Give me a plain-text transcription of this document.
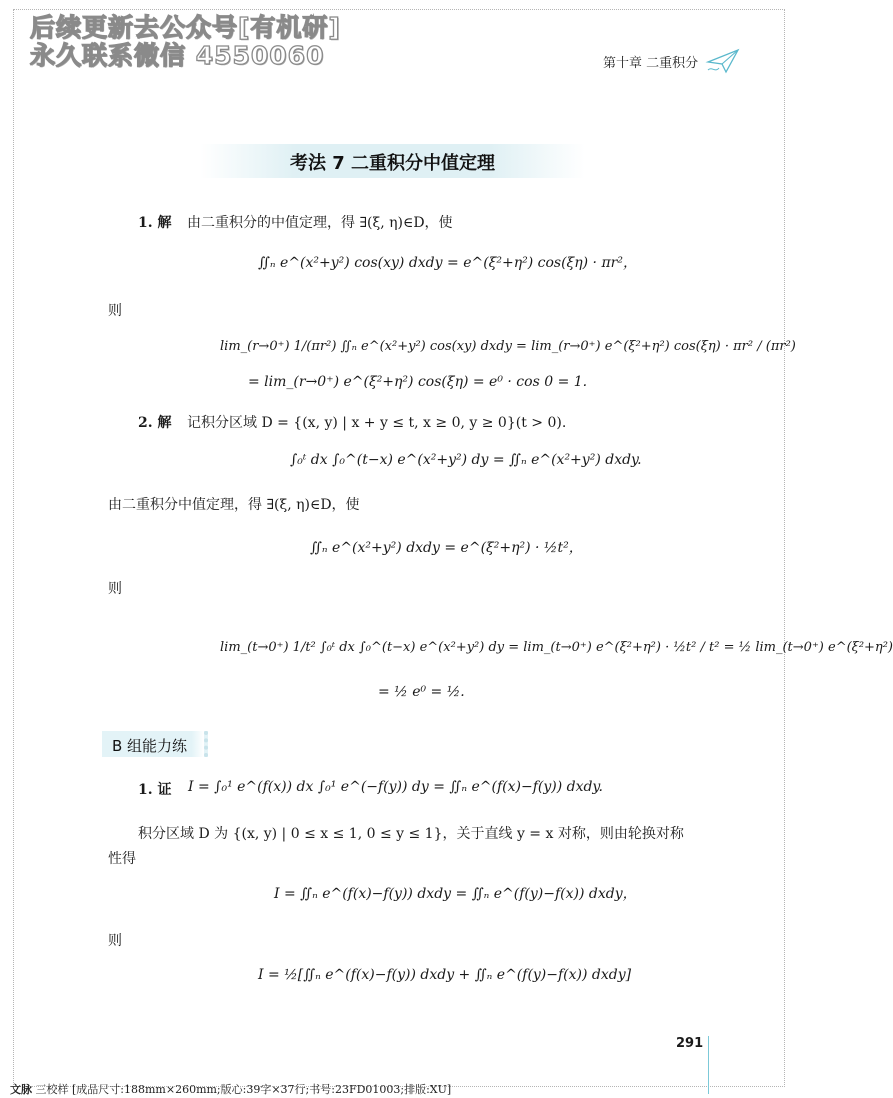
后续更新去公众号[有机研]
永久联系微信 4550060	第十章 二重积分
考法 7 二重积分中值定理
1. 解 由二重积分的中值定理，得 ∃(ξ, η)∈D，使
∬ₙ e^(x²+y²) cos(xy) dxdy = e^(ξ²+η²) cos(ξη) · πr²，
则
lim_(r→0⁺) 1/(πr²) ∬ₙ e^(x²+y²) cos(xy) dxdy = lim_(r→0⁺) e^(ξ²+η²) cos(ξη) · πr² / (πr²)
= lim_(r→0⁺) e^(ξ²+η²) cos(ξη) = e⁰ · cos 0 = 1.
2. 解 记积分区域 D = {(x, y) | x + y ≤ t, x ≥ 0, y ≥ 0}(t > 0).
∫₀ᵗ dx ∫₀^(t−x) e^(x²+y²) dy = ∬ₙ e^(x²+y²) dxdy.
由二重积分中值定理，得 ∃(ξ, η)∈D，使
∬ₙ e^(x²+y²) dxdy = e^(ξ²+η²) · ½t²，
则
lim_(t→0⁺) 1/t² ∫₀ᵗ dx ∫₀^(t−x) e^(x²+y²) dy = lim_(t→0⁺) e^(ξ²+η²) · ½t² / t² = ½ lim_(t→0⁺) e^(ξ²+η²)
= ½ e⁰ = ½.
B 组能力练
1. 证 I = ∫₀¹ e^(f(x)) dx ∫₀¹ e^(−f(y)) dy = ∬ₙ e^(f(x)−f(y)) dxdy.
积分区域 D 为 {(x, y) | 0 ≤ x ≤ 1, 0 ≤ y ≤ 1}，关于直线 y = x 对称，则由轮换对称
性得
I = ∬ₙ e^(f(x)−f(y)) dxdy = ∬ₙ e^(f(y)−f(x)) dxdy，
则
I = ½[∬ₙ e^(f(x)−f(y)) dxdy + ∬ₙ e^(f(y)−f(x)) dxdy]
291
文脉 三校样 [成品尺寸:188mm×260mm;版心:39字×37行;书号:23FD01003;排版:XU]
